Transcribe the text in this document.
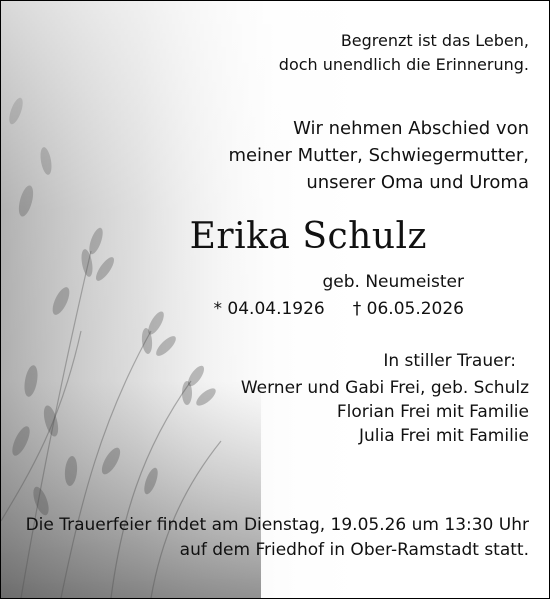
Begrenzt ist das Leben,
doch unendlich die Erinnerung.
Wir nehmen Abschied von
meiner Mutter, Schwiegermutter,
unserer Oma und Uroma
Erika Schulz
geb. Neumeister
* 04.04.1926 † 06.05.2026
In stiller Trauer:
Werner und Gabi Frei, geb. Schulz
Florian Frei mit Familie
Julia Frei mit Familie
Die Trauerfeier findet am Dienstag, 19.05.26 um 13:30 Uhr
auf dem Friedhof in Ober-Ramstadt statt.
